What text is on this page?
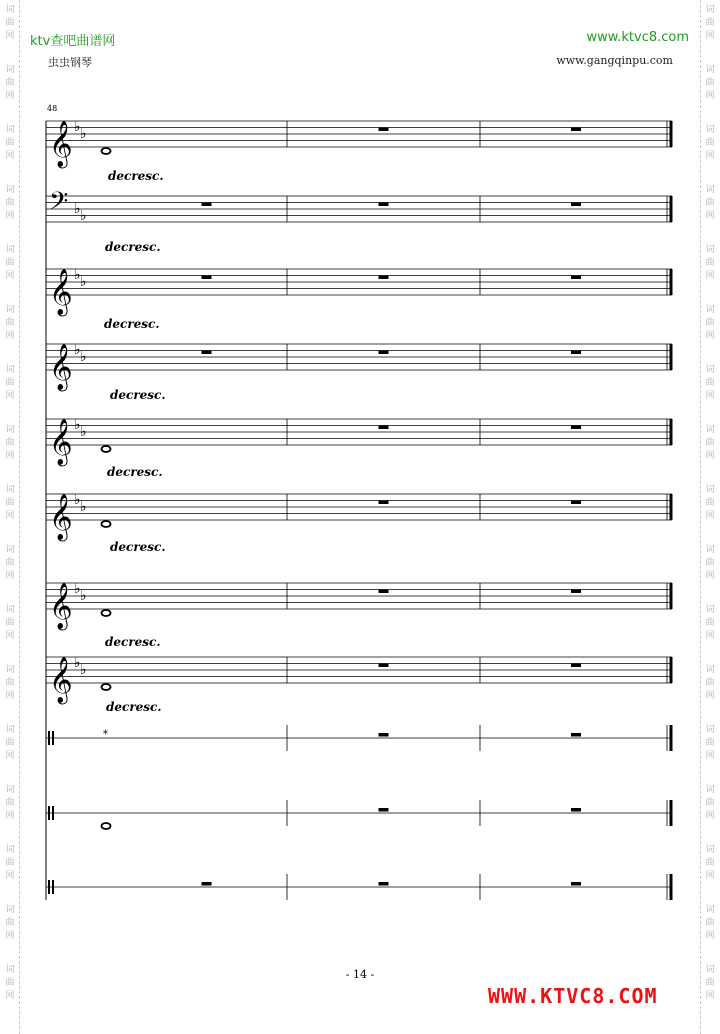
词
曲
网
词
曲
网
词
曲
网
词
曲
网
词
曲
网
词
曲
网
词
曲
网
词
曲
网
词
曲
网
词
曲
网
词
曲
网
词
曲
网
词
曲
网
词
曲
网
词
曲
网
词
曲
网
词
曲
网
词
曲
网
词
曲
网
词
曲
网
词
曲
网
词
曲
网
词
曲
网
词
曲
网
词
曲
网
词
曲
网
词
曲
网
词
曲
网
词
曲
网
词
曲
网
词
曲
网
词
曲
网
词
曲
网
词
曲
网
ktv查吧曲谱网	www.ktvc8.com
虫虫钢琴	www.gangqinpu.com
48
𝄞 ♭ ♭
𝄢 ♭ ♭
𝄞 ♭ ♭
𝄞 ♭ ♭
𝄞 ♭ ♭
𝄞 ♭ ♭
𝄞 ♭ ♭
𝄞 ♭ ♭
*
decresc.
decresc.
decresc.
decresc.
decresc.
decresc.
decresc.
decresc.
- 14 -
WWW.KTVC8.COM
